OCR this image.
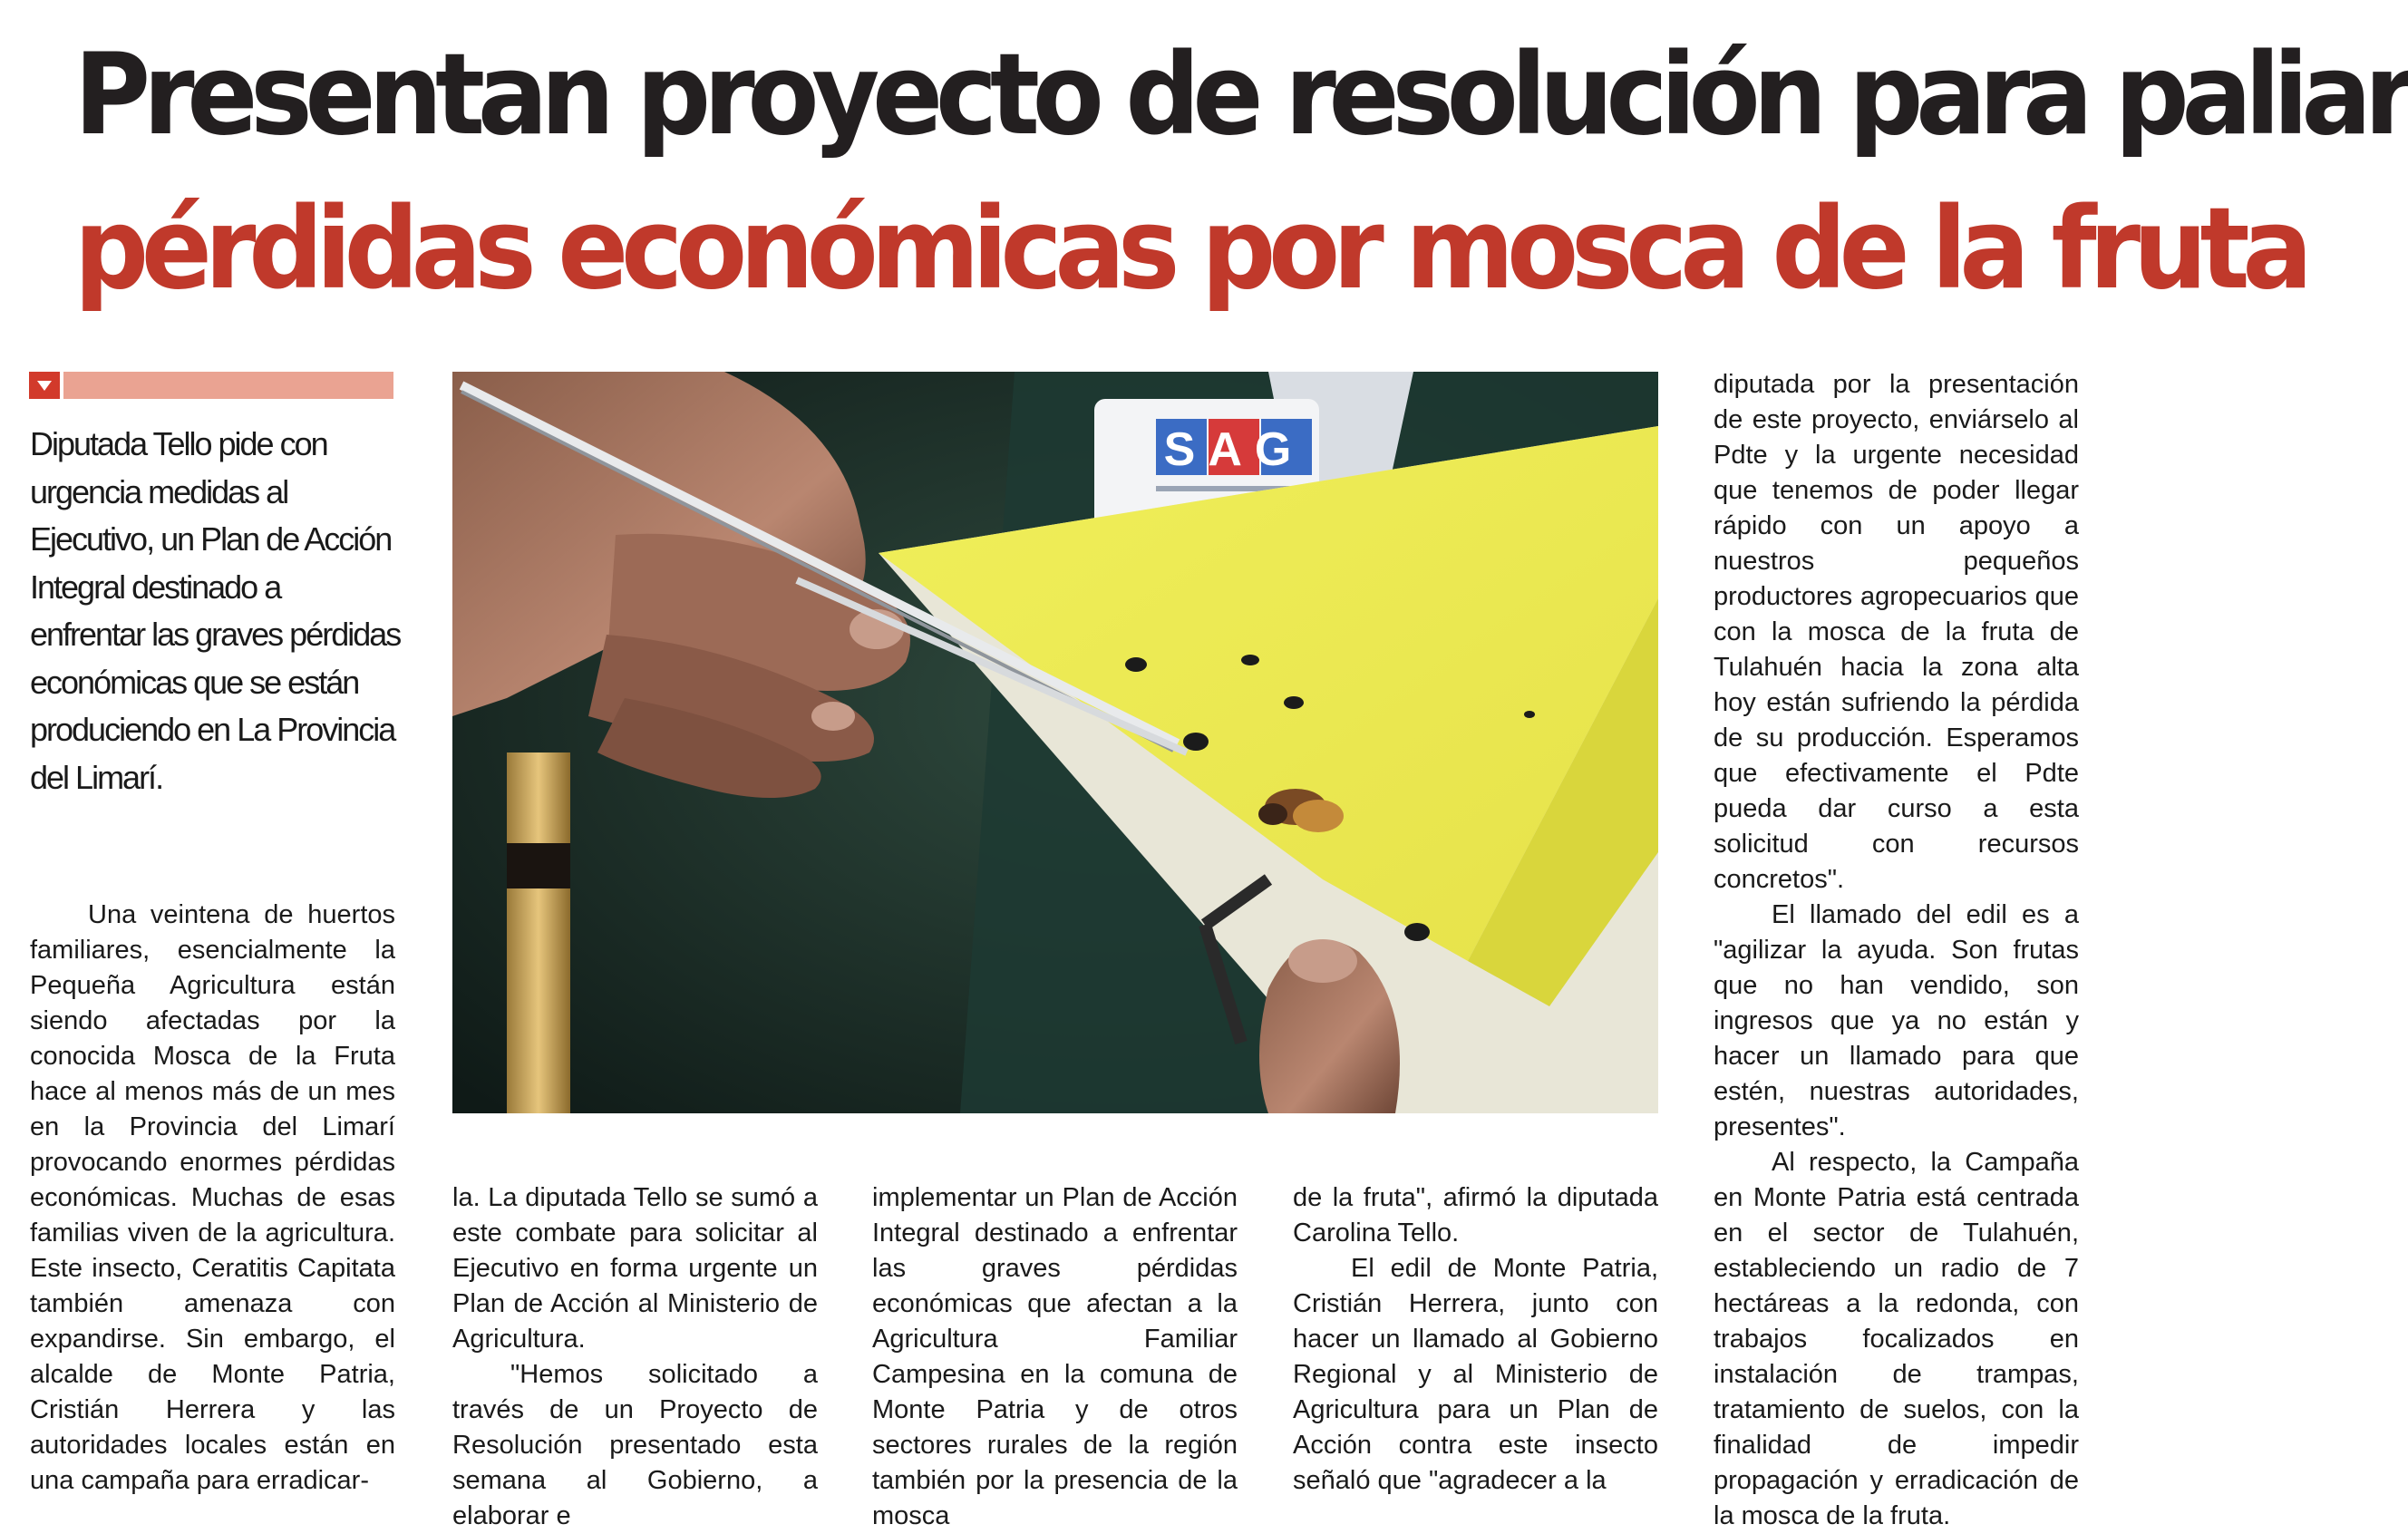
Presentan proyecto de resolución para paliar
pérdidas económicas por mosca de la fruta
Diputada Tello pide con urgencia medidas al Ejecutivo, un Plan de Acción Integral destinado a enfrentar las graves pérdidas económicas que se están produciendo en La Provincia del Limarí.
SAG

Una veintena de huertos familiares, esencialmente la Pequeña Agricultura están siendo afectadas por la conocida Mosca de la Fruta hace al menos más de un mes en la Provincia del Limarí provocando enormes pérdidas económicas. Muchas de esas familias viven de la agricultura. Este insecto, Ceratitis Capitata también amenaza con expandirse. Sin embargo, el alcalde de Monte Patria, Cristián Herrera y las autoridades locales están en una campaña para erradicar-

la. La diputada Tello se sumó a este combate para solicitar al Ejecutivo en forma urgente un Plan de Acción al Ministerio de Agricultura.

"Hemos solicitado a través de un Proyecto de Resolución presentado esta semana al Gobierno, a elaborar e

implementar un Plan de Acción Integral destinado a enfrentar las graves pérdidas económicas que afectan a la Agricultura Familiar Campesina en la comuna de Monte Patria y de otros sectores rurales de la región también por la presencia de la mosca

de la fruta", afirmó la diputada Carolina Tello.

El edil de Monte Patria, Cristián Herrera, junto con hacer un llamado al Gobierno Regional y al Ministerio de Agricultura para un Plan de Acción contra este insecto señaló que "agradecer a la

diputada por la presentación de este proyecto, enviárselo al Pdte y la urgente necesidad que tenemos de poder llegar rápido con un apoyo a nuestros pequeños productores agropecuarios que con la mosca de la fruta de Tulahuén hacia la zona alta hoy están sufriendo la pérdida de su producción. Esperamos que efectivamente el Pdte pueda dar curso a esta solicitud con recursos concretos".

El llamado del edil es a "agilizar la ayuda. Son frutas que no han vendido, son ingresos que ya no están y hacer un llamado para que estén, nuestras autoridades, presentes".

Al respecto, la Campaña en Monte Patria está centrada en el sector de Tulahuén, estableciendo un radio de 7 hectáreas a la redonda, con trabajos focalizados en instalación de trampas, tratamiento de suelos, con la finalidad de impedir propagación y erradicación de la mosca de la fruta.
